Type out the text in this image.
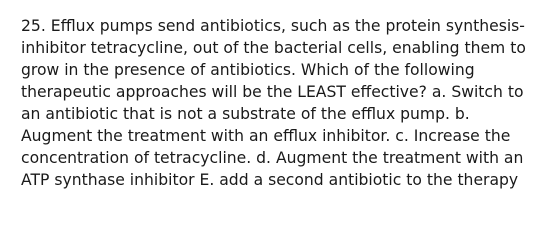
25. Efflux pumps send antibiotics, such as the protein synthesis-
inhibitor tetracycline, out of the bacterial cells, enabling them to
grow in the presence of antibiotics. Which of the following
therapeutic approaches will be the LEAST effective? a. Switch to
an antibiotic that is not a substrate of the efflux pump. b.
Augment the treatment with an efflux inhibitor. c. Increase the
concentration of tetracycline. d. Augment the treatment with an
ATP synthase inhibitor E. add a second antibiotic to the therapy
